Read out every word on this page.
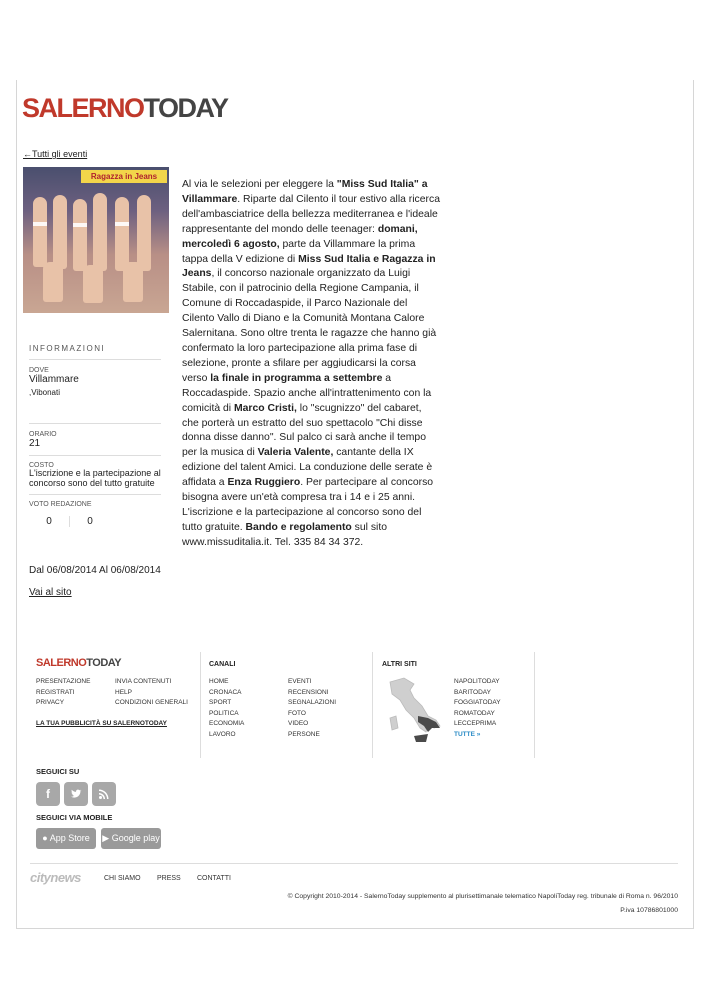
SALERNOTODAY
←Tutti gli eventi
Ragazza in Jeans
INFORMAZIONI
DOVE
Villammare
,Vibonati
ORARIO
21
COSTO
L'iscrizione e la partecipazione al concorso sono del tutto gratuite
VOTO REDAZIONE
0	0
Dal 06/08/2014 Al 06/08/2014
Vai al sito
Al via le selezioni per eleggere la "Miss Sud Italia" a Villammare. Riparte dal Cilento il tour estivo alla ricerca dell'ambasciatrice della bellezza mediterranea e l'ideale rappresentante del mondo delle teenager: domani, mercoledì 6 agosto, parte da Villammare la prima tappa della V edizione di Miss Sud Italia e Ragazza in Jeans, il concorso nazionale organizzato da Luigi Stabile, con il patrocinio della Regione Campania, il Comune di Roccadaspide, il Parco Nazionale del Cilento Vallo di Diano e la Comunità Montana Calore Salernitana. Sono oltre trenta le ragazze che hanno già confermato la loro partecipazione alla prima fase di selezione, pronte a sfilare per aggiudicarsi la corsa verso la finale in programma a settembre a Roccadaspide. Spazio anche all'intrattenimento con la comicità di Marco Cristi, lo "scugnizzo" del cabaret, che porterà un estratto del suo spettacolo "Chi disse donna disse danno". Sul palco ci sarà anche il tempo per la musica di Valeria Valente, cantante della IX edizione del talent Amici. La conduzione delle serate è affidata a Enza Ruggiero. Per partecipare al concorso bisogna avere un'età compresa tra i 14 e i 25 anni. L'iscrizione e la partecipazione al concorso sono del tutto gratuite. Bando e regolamento sul sito www.missuditalia.it. Tel. 335 84 34 372.
SALERNOTODAY
PRESENTAZIONE
REGISTRATI
PRIVACY
INVIA CONTENUTI
HELP
CONDIZIONI GENERALI
LA TUA PUBBLICITÀ SU SALERNOTODAY
CANALI
HOME
CRONACA
SPORT
POLITICA
ECONOMIA
LAVORO
EVENTI
RECENSIONI
SEGNALAZIONI
FOTO
VIDEO
PERSONE
ALTRI SITI
NAPOLITODAY
BARITODAY
FOGGIATODAY
ROMATODAY
LECCEPRIMA
TUTTE »
SEGUICI SU
f
SEGUICI VIA MOBILE
● App Store	▶ Google play
citynews	CHI SIAMO PRESS CONTATTI
© Copyright 2010-2014 - SalernoToday supplemento al plurisettimanale telematico NapoliToday reg. tribunale di Roma n. 96/2010 P.iva 10786801000
